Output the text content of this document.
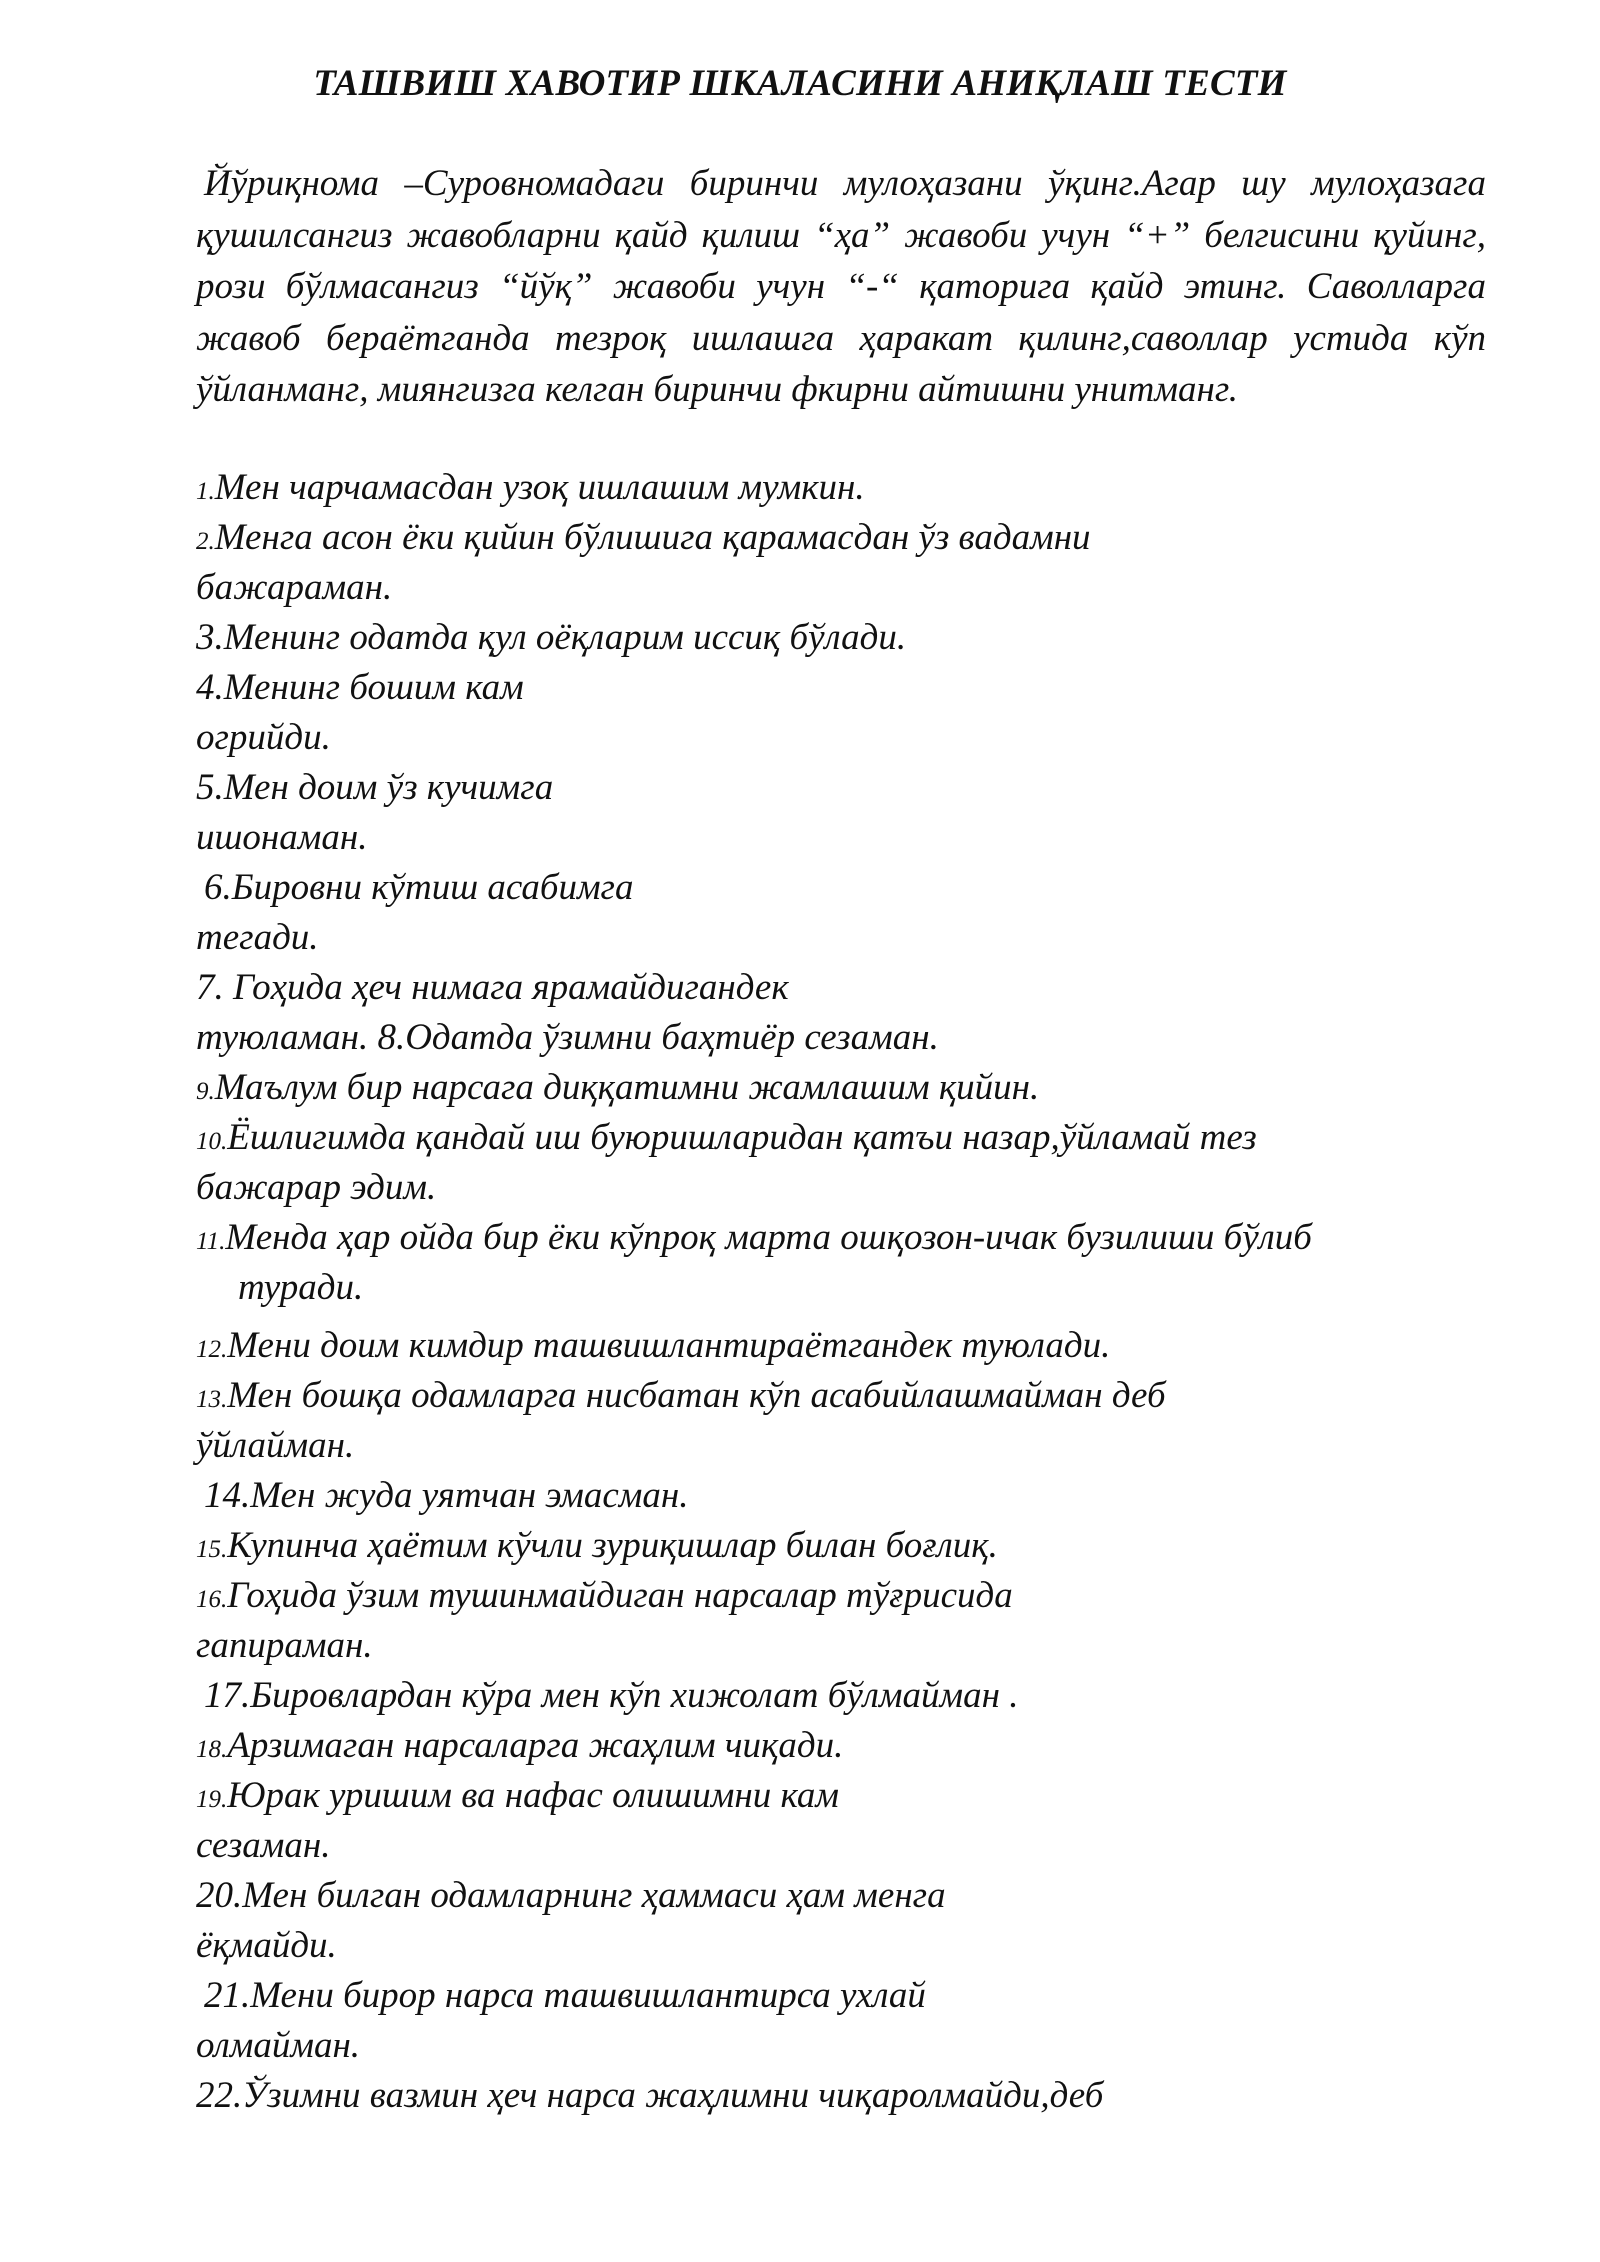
ТАШВИШ ХАВОТИР ШКАЛАСИНИ АНИҚЛАШ ТЕСТИ
Йўриқнома –Суровномадаги биринчи мулоҳазани ўқинг.Агар шу мулоҳазага қушилсангиз жавобларни қайд қилиш “ҳа” жавоби учун “+” белгисини қуйинг, рози бўлмасангиз “йўқ” жавоби учун “-“ қаторига қайд этинг. Саволларга жавоб бераётганда тезроқ ишлашга ҳаракат қилинг,саволлар устида кўп ўйланманг, миянгизга келган биринчи фкирни айтишни унитманг.
1.Мен чарчамасдан узоқ ишлашим мумкин.
2.Менга асон ёки қийин бўлишига қарамасдан ўз вадамни
бажараман.
3.Менинг одатда қул оёқларим иссиқ бўлади.
4.Менинг бошим кам
огрийди.
5.Мен доим ўз кучимга
ишонаман.
6.Бировни кўтиш асабимга
тегади.
7. Гоҳида ҳеч нимага ярамайдигандек
туюламан. 8.Одатда ўзимни баҳтиёр сезаман.
9.Маълум бир нарсага диққатимни жамлашим қийин.
10.Ёшлигимда қандай иш буюришларидан қатъи назар,ўйламай тез
бажарар эдим.
11.Менда ҳар ойда бир ёки кўпроқ марта ошқозон-ичак бузилиши бўлиб
туради.
12.Мени доим кимдир ташвишлантираётгандек туюлади.
13.Мен бошқа одамларга нисбатан кўп асабийлашмайман деб
ўйлайман.
14.Мен жуда уятчан эмасман.
15.Купинча ҳаётим кўчли зуриқишлар билан боғлиқ.
16.Гоҳида ўзим тушинмайдиган нарсалар тўғрисида
гапираман.
17.Бировлардан кўра мен кўп хижолат бўлмайман .
18.Арзимаган нарсаларга жаҳлим чиқади.
19.Юрак уришим ва нафас олишимни кам
сезаман.
20.Мен билган одамларнинг ҳаммаси ҳам менга
ёқмайди.
21.Мени бирор нарса ташвишлантирса ухлай
олмайман.
22.Ўзимни вазмин ҳеч нарса жаҳлимни чиқаролмайди,деб
